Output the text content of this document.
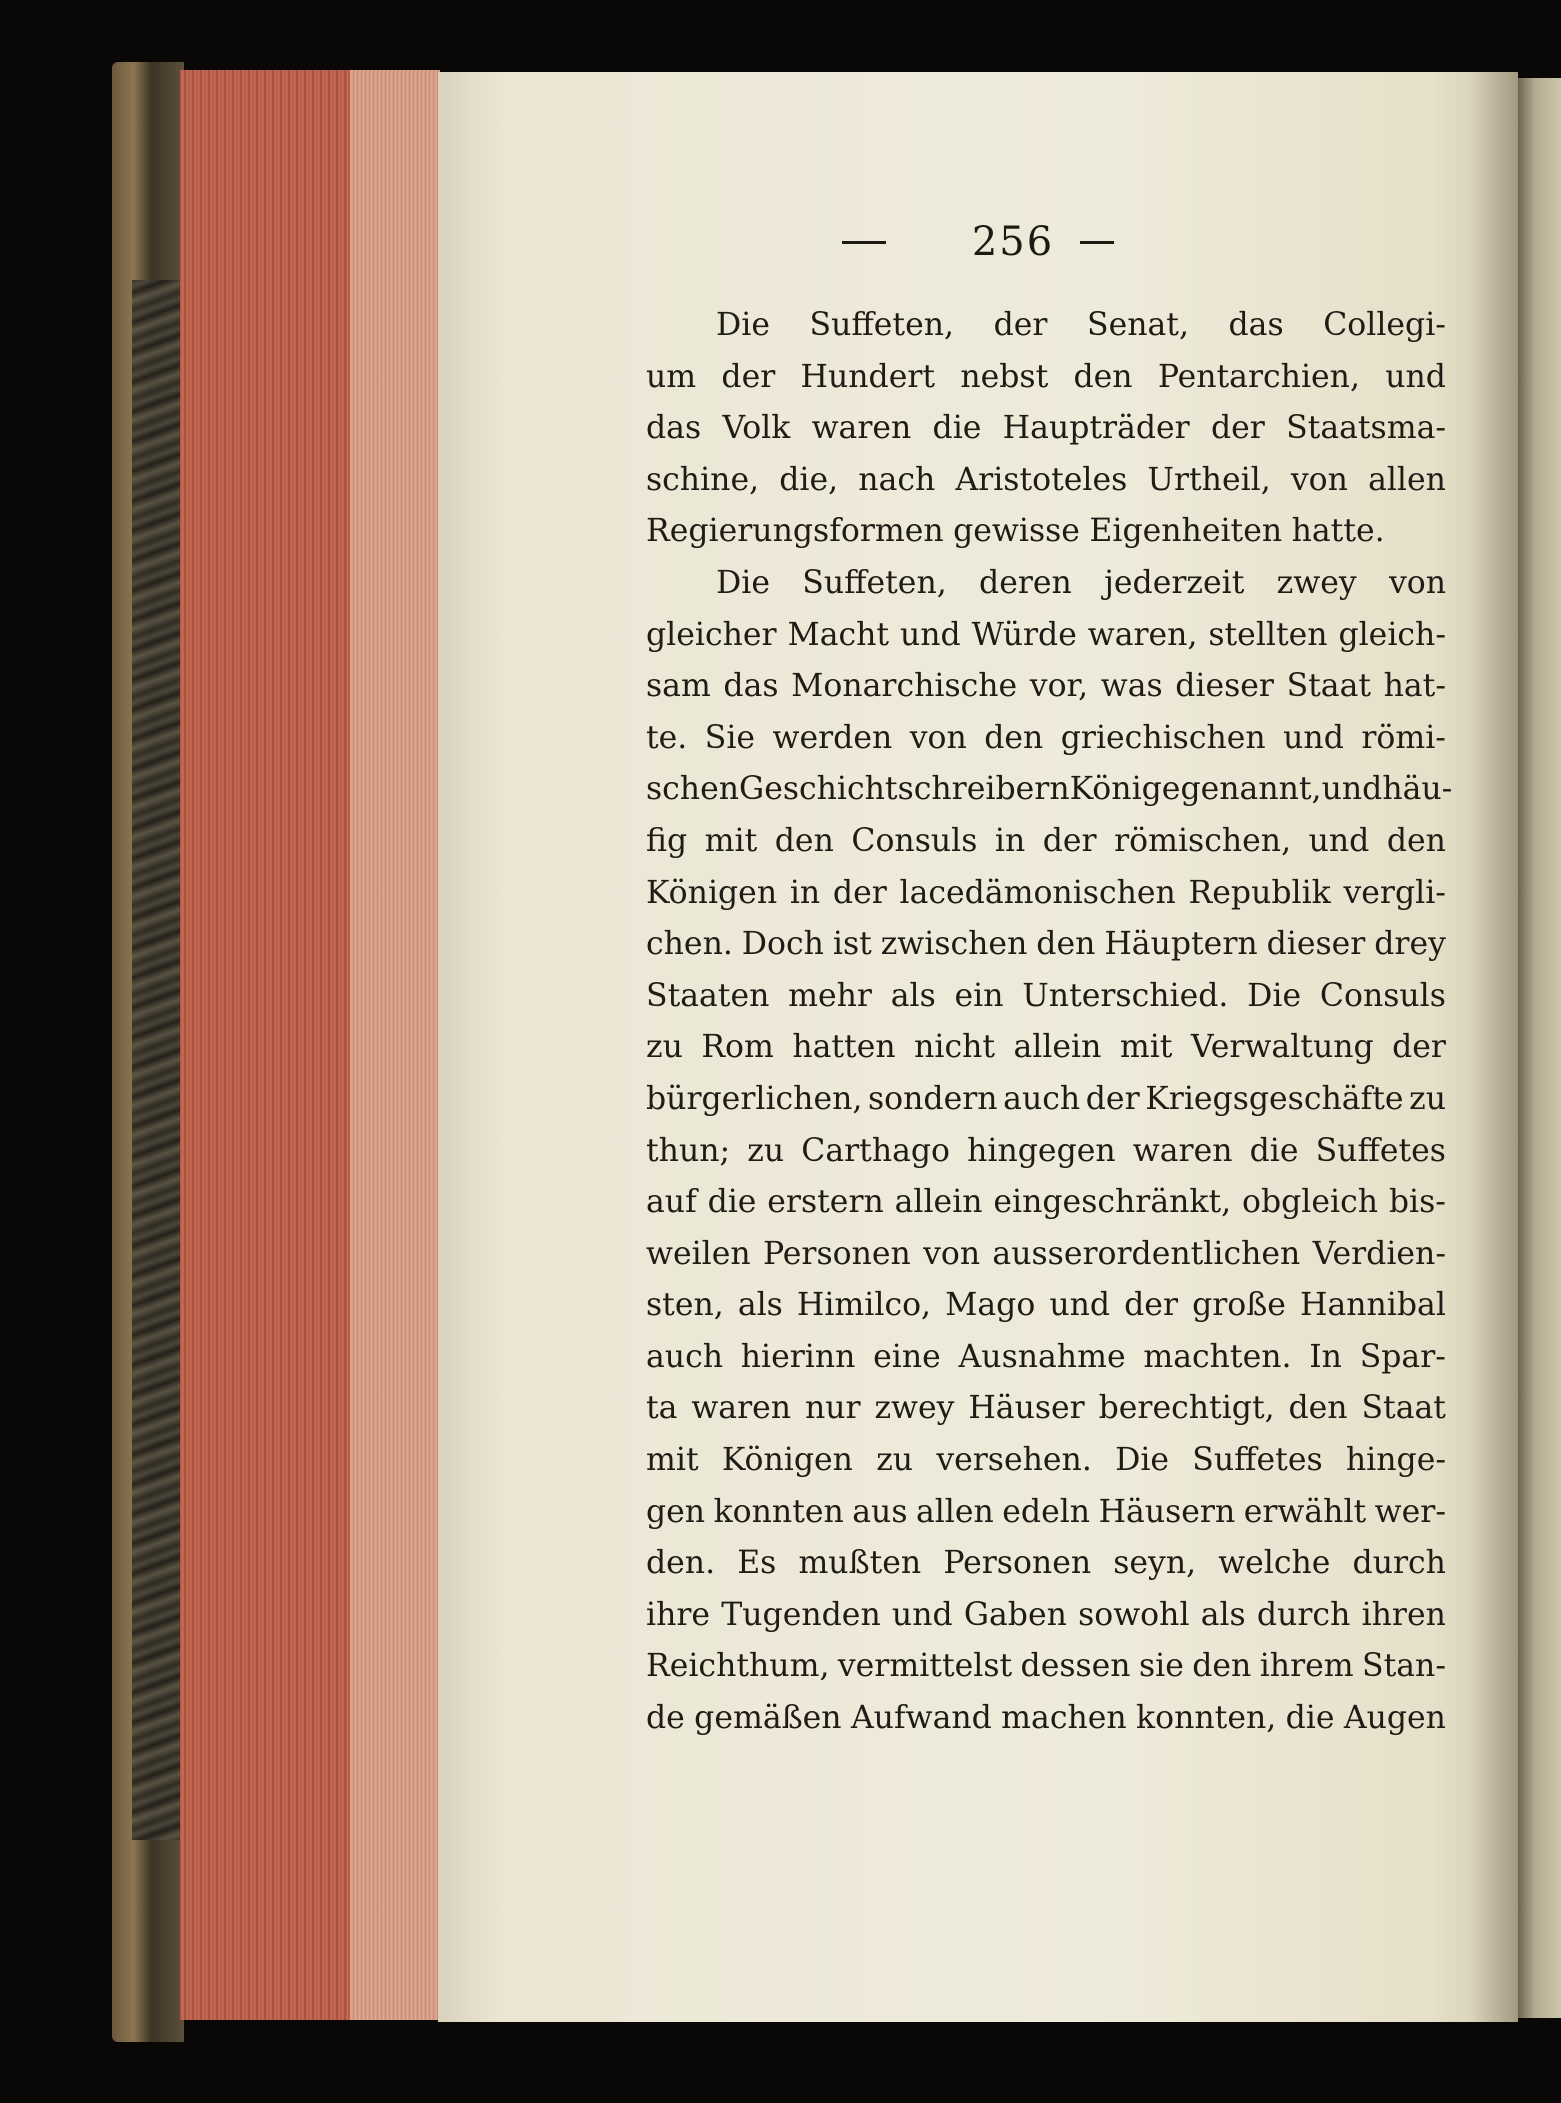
256
Die Suffeten, der Senat, das Collegi-
um der Hundert nebst den Pentarchien, und
das Volk waren die Haupträder der Staatsma-
schine, die, nach Aristoteles Urtheil, von allen
Regierungsformen gewisse Eigenheiten hatte.
Die Suffeten, deren jederzeit zwey von
gleicher Macht und Würde waren, stellten gleich-
sam das Monarchische vor, was dieser Staat hat-
te. Sie werden von den griechischen und römi-
schen Geschichtschreibern Könige genannt, und häu-
fig mit den Consuls in der römischen, und den
Königen in der lacedämonischen Republik vergli-
chen. Doch ist zwischen den Häuptern dieser drey
Staaten mehr als ein Unterschied. Die Consuls
zu Rom hatten nicht allein mit Verwaltung der
bürgerlichen, sondern auch der Kriegsgeschäfte zu
thun; zu Carthago hingegen waren die Suffetes
auf die erstern allein eingeschränkt, obgleich bis-
weilen Personen von ausserordentlichen Verdien-
sten, als Himilco, Mago und der große Hannibal
auch hierinn eine Ausnahme machten. In Spar-
ta waren nur zwey Häuser berechtigt, den Staat
mit Königen zu versehen. Die Suffetes hinge-
gen konnten aus allen edeln Häusern erwählt wer-
den. Es mußten Personen seyn, welche durch
ihre Tugenden und Gaben sowohl als durch ihren
Reichthum, vermittelst dessen sie den ihrem Stan-
de gemäßen Aufwand machen konnten, die Augen
